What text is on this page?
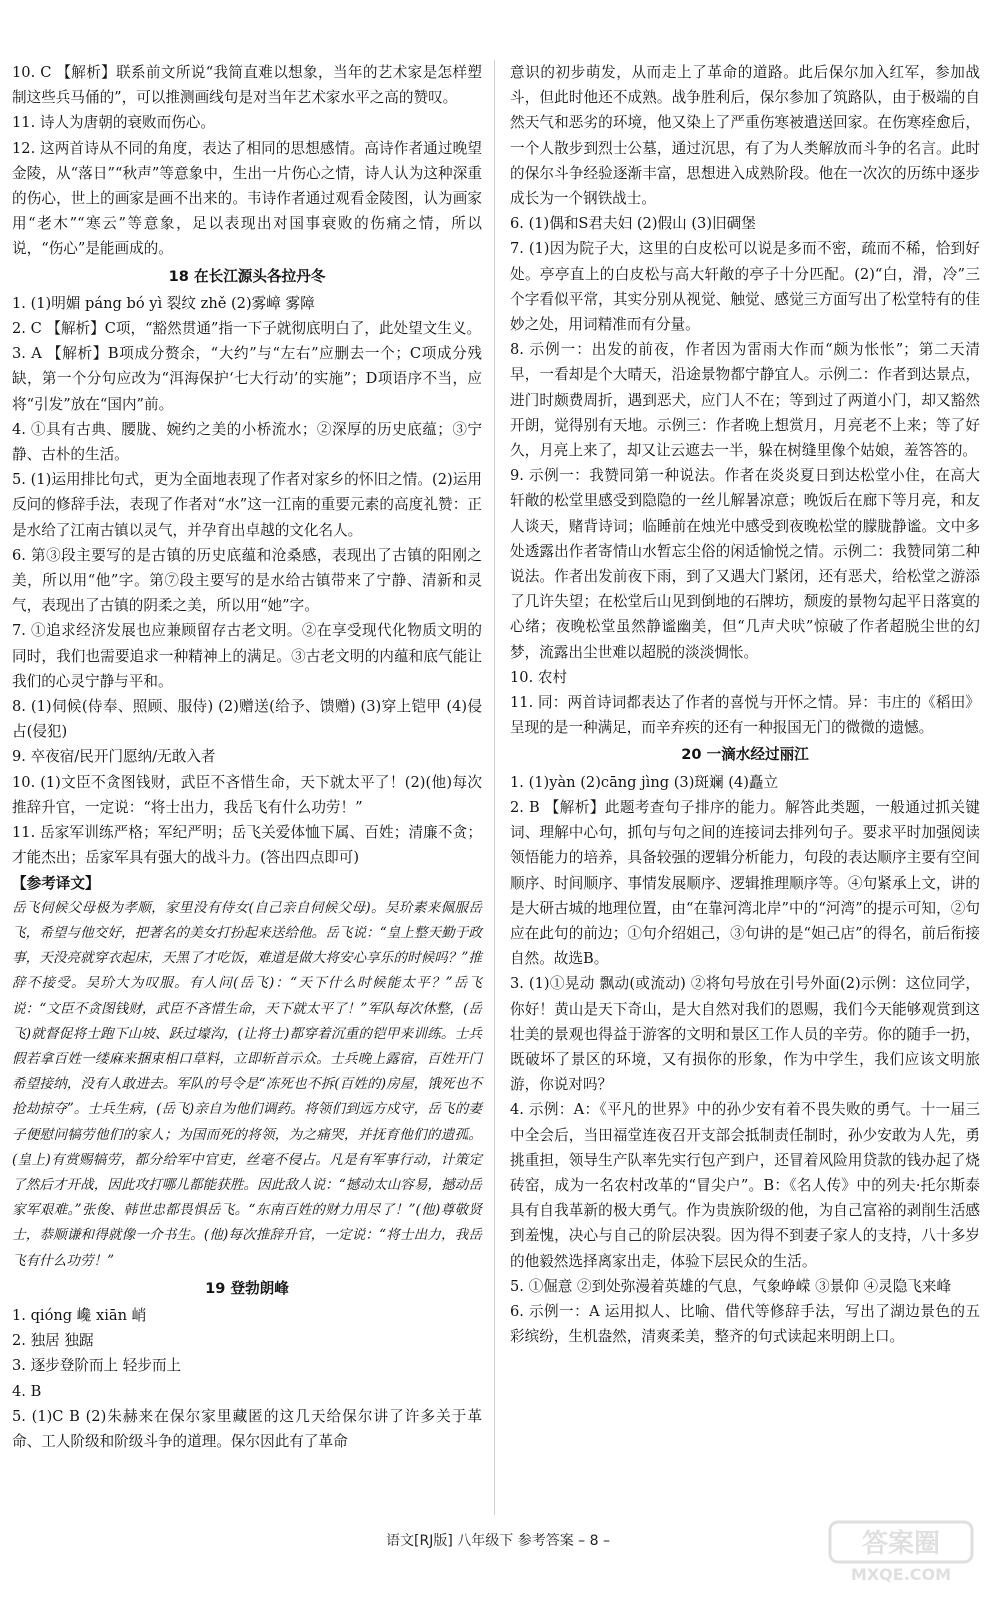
10. C 【解析】联系前文所说“我简直难以想象，当年的艺术家是怎样塑制这些兵马俑的”，可以推测画线句是对当年艺术家水平之高的赞叹。

11. 诗人为唐朝的衰败而伤心。

12. 这两首诗从不同的角度，表达了相同的思想感情。高诗作者通过晚望金陵，从“落日”“秋声”等意象中，生出一片伤心之情，诗人认为这种深重的伤心，世上的画家是画不出来的。韦诗作者通过观看金陵图，认为画家用“老木”“寒云”等意象，足以表现出对国事衰败的伤痛之情，所以说，“伤心”是能画成的。

18 在长江源头各拉丹冬

1. (1)明媚 páng bó yì 裂纹 zhě (2)雾嶂 雾障

2. C 【解析】C项，“豁然贯通”指一下子就彻底明白了，此处望文生义。

3. A 【解析】B项成分赘余，“大约”与“左右”应删去一个；C项成分残缺，第一个分句应改为“洱海保护‘七大行动’的实施”；D项语序不当，应将“引发”放在“国内”前。

4. ①具有古典、腰胧、婉约之美的小桥流水；②深厚的历史底蕴；③宁静、古朴的生活。

5. (1)运用排比句式，更为全面地表现了作者对家乡的怀旧之情。(2)运用反问的修辞手法，表现了作者对“水”这一江南的重要元素的高度礼赞：正是水给了江南古镇以灵气，并孕育出卓越的文化名人。

6. 第③段主要写的是古镇的历史底蕴和沧桑感，表现出了古镇的阳刚之美，所以用“他”字。第⑦段主要写的是水给古镇带来了宁静、清新和灵气，表现出了古镇的阴柔之美，所以用“她”字。

7. ①追求经济发展也应兼顾留存古老文明。②在享受现代化物质文明的同时，我们也需要追求一种精神上的满足。③古老文明的内蕴和底气能让我们的心灵宁静与平和。

8. (1)伺候(侍奉、照顾、服侍) (2)赠送(给予、馈赠) (3)穿上铠甲 (4)侵占(侵犯)

9. 卒夜宿/民开门愿纳/无敢入者

10. (1)文臣不贪图钱财，武臣不吝惜生命，天下就太平了！(2)(他)每次推辞升官，一定说：“将士出力，我岳飞有什么功劳！”

11. 岳家军训练严格；军纪严明；岳飞关爱体恤下属、百姓；清廉不贪；才能杰出；岳家军具有强大的战斗力。(答出四点即可)

【参考译文】

岳飞伺候父母极为孝顺，家里没有侍女(自己亲自伺候父母)。吴玠素来佩服岳飞，希望与他交好，把著名的美女打扮起来送给他。岳飞说：“皇上整天勤于政事，天没亮就穿衣起床，天黑了才吃饭，难道是做大将安心享乐的时候吗？”推辞不接受。吴玠大为叹服。有人问(岳飞)：“天下什么时候能太平？”岳飞说：“文臣不贪图钱财，武臣不吝惜生命，天下就太平了！”军队每次休整，(岳飞)就督促将士跑下山坡、跃过壕沟，(让将士)都穿着沉重的铠甲来训练。士兵假若拿百姓一缕麻来捆束相口草料，立即斩首示众。士兵晚上露宿，百姓开门希望接纳，没有人敢进去。军队的号令是“冻死也不拆(百姓的)房屋，饿死也不抢劫掠夺”。士兵生病，(岳飞)亲自为他们调药。将领们到远方戍守，岳飞的妻子便慰问犒劳他们的家人；为国而死的将领，为之痛哭，并抚育他们的遗孤。(皇上)有赏赐犒劳，都分给军中官吏，丝毫不侵占。凡是有军事行动，计策定了然后才开战，因此攻打哪儿都能获胜。因此敌人说：“撼动太山容易，撼动岳家军艰难。”张俊、韩世忠都畏惧岳飞。“东南百姓的财力用尽了！”(他)尊敬贤士，恭顺谦和得就像一介书生。(他)每次推辞升官，一定说：“将士出力，我岳飞有什么功劳！”

19 登勃朗峰

1. qióng 巉 xiān 峭

2. 独居 独踞

3. 逐步登阶而上 轻步而上

4. B

5. (1)C B (2)朱赫来在保尔家里藏匿的这几天给保尔讲了许多关于革命、工人阶级和阶级斗争的道理。保尔因此有了革命

意识的初步萌发，从而走上了革命的道路。此后保尔加入红军，参加战斗，但此时他还不成熟。战争胜利后，保尔参加了筑路队，由于极端的自然天气和恶劣的环境，他又染上了严重伤寒被遣送回家。在伤寒痊愈后，一个人散步到烈士公墓，通过沉思，有了为人类解放而斗争的名言。此时的保尔斗争经验逐渐丰富，思想进入成熟阶段。他在一次次的历练中逐步成长为一个钢铁战士。

6. (1)偶和S君夫妇 (2)假山 (3)旧碉堡

7. (1)因为院子大，这里的白皮松可以说是多而不密，疏而不稀，恰到好处。亭亭直上的白皮松与高大轩敞的亭子十分匹配。(2)“白，滑，冷”三个字看似平常，其实分别从视觉、触觉、感觉三方面写出了松堂特有的佳妙之处，用词精准而有分量。

8. 示例一：出发的前夜，作者因为雷雨大作而“颇为怅怅”；第二天清早，一看却是个大晴天，沿途景物都宁静宜人。示例二：作者到达景点，进门时颇费周折，遇到恶犬，应门人不在；等到过了两道小门，却又豁然开朗，觉得别有天地。示例三：作者晚上想赏月，月亮老不上来；等了好久，月亮上来了，却又让云遮去一半，躲在树缝里像个姑娘，羞答答的。

9. 示例一：我赞同第一种说法。作者在炎炎夏日到达松堂小住，在高大轩敞的松堂里感受到隐隐的一丝儿解暑凉意；晚饭后在廊下等月亮，和友人谈天，赌背诗词；临睡前在烛光中感受到夜晚松堂的朦胧静谧。文中多处透露出作者寄情山水暂忘尘俗的闲适愉悦之情。示例二：我赞同第二种说法。作者出发前夜下雨，到了又遇大门紧闭，还有恶犬，给松堂之游添了几许失望；在松堂后山见到倒地的石牌坊，颓废的景物勾起平日落寞的心绪；夜晚松堂虽然静谧幽美，但“几声犬吠”惊破了作者超脱尘世的幻梦，流露出尘世难以超脱的淡淡惆怅。

10. 农村

11. 同：两首诗词都表达了作者的喜悦与开怀之情。异：韦庄的《稻田》呈现的是一种满足，而辛弃疾的还有一种报国无门的微微的遗憾。

20 一滴水经过丽江

1. (1)yàn (2)cāng jìng (3)斑斓 (4)矗立

2. B 【解析】此题考查句子排序的能力。解答此类题，一般通过抓关键词、理解中心句，抓句与句之间的连接词去排列句子。要求平时加强阅读领悟能力的培养，具备较强的逻辑分析能力，句段的表达顺序主要有空间顺序、时间顺序、事情发展顺序、逻辑推理顺序等。④句紧承上文，讲的是大研古城的地理位置，由“在靠河湾北岸”中的“河湾”的提示可知，②句应在此句的前边；①句介绍姐己，③句讲的是“妲己店”的得名，前后衔接自然。故选B。

3. (1)①晃动 飘动(或流动) ②将句号放在引号外面(2)示例：这位同学，你好！黄山是天下奇山，是大自然对我们的恩赐，我们今天能够观赏到这壮美的景观也得益于游客的文明和景区工作人员的辛劳。你的随手一扔，既破坏了景区的环境，又有损你的形象，作为中学生，我们应该文明旅游，你说对吗？

4. 示例：A：《平凡的世界》中的孙少安有着不畏失败的勇气。十一届三中全会后，当田福堂连夜召开支部会抵制责任制时，孙少安敢为人先，勇挑重担，领导生产队率先实行包产到户，还冒着风险用贷款的钱办起了烧砖窑，成为一名农村改革的“冒尖户”。B：《名人传》中的列夫·托尔斯泰具有自我革新的极大勇气。作为贵族阶级的他，为自己富裕的剥削生活感到羞愧，决心与自己的阶层决裂。因为得不到妻子家人的支持，八十多岁的他毅然选择离家出走，体验下层民众的生活。

5. ①倔意 ②到处弥漫着英雄的气息，气象峥嵘 ③景仰 ④灵隐飞来峰

6. 示例一：A 运用拟人、比喻、借代等修辞手法，写出了湖边景色的五彩缤纷，生机盎然，清爽柔美，整齐的句式读起来明朗上口。

语文[RJ版] 八年级下 参考答案 – 8 –	答案圈
MXQE.COM
